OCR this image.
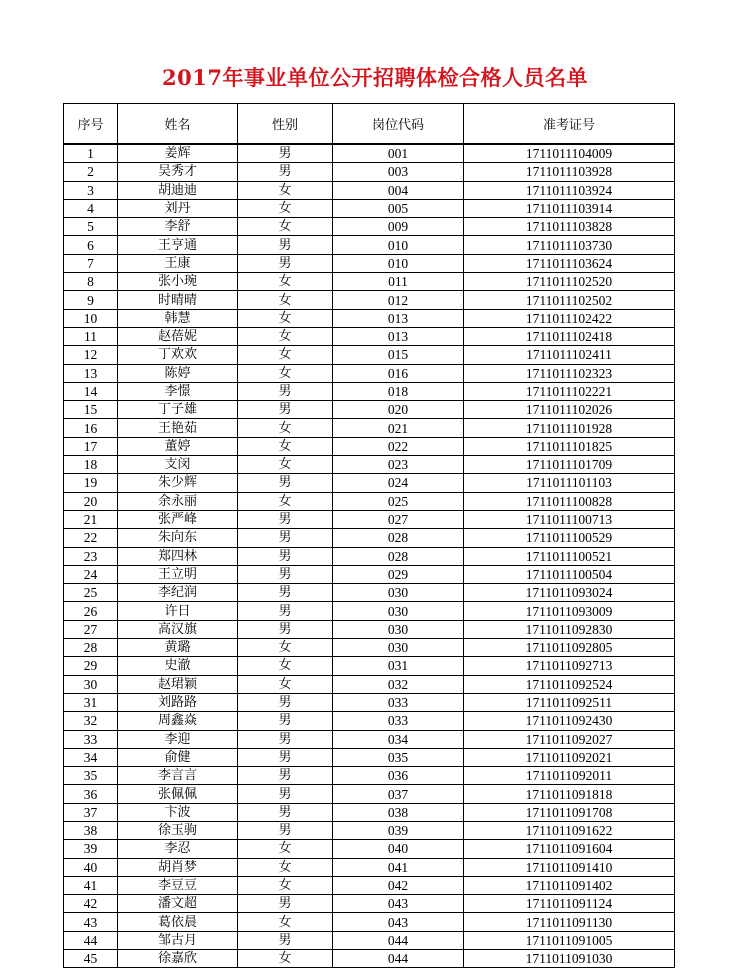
2017年事业单位公开招聘体检合格人员名单
序号	姓名	性别	岗位代码	准考证号
1	姜辉	男	001	1711011104009
2	吴秀才	男	003	1711011103928
3	胡迪迪	女	004	1711011103924
4	刘丹	女	005	1711011103914
5	李舒	女	009	1711011103828
6	王亨通	男	010	1711011103730
7	王康	男	010	1711011103624
8	张小琬	女	011	1711011102520
9	时晴晴	女	012	1711011102502
10	韩慧	女	013	1711011102422
11	赵蓓妮	女	013	1711011102418
12	丁欢欢	女	015	1711011102411
13	陈婷	女	016	1711011102323
14	李憬	男	018	1711011102221
15	丁子雄	男	020	1711011102026
16	王艳茹	女	021	1711011101928
17	董婷	女	022	1711011101825
18	支闵	女	023	1711011101709
19	朱少辉	男	024	1711011101103
20	余永丽	女	025	1711011100828
21	张严峰	男	027	1711011100713
22	朱向东	男	028	1711011100529
23	郑四林	男	028	1711011100521
24	王立明	男	029	1711011100504
25	李纪润	男	030	1711011093024
26	许日	男	030	1711011093009
27	高汉旗	男	030	1711011092830
28	黄璐	女	030	1711011092805
29	史澈	女	031	1711011092713
30	赵珺颖	女	032	1711011092524
31	刘路路	男	033	1711011092511
32	周鑫焱	男	033	1711011092430
33	李迎	男	034	1711011092027
34	俞健	男	035	1711011092021
35	李言言	男	036	1711011092011
36	张佩佩	男	037	1711011091818
37	卞波	男	038	1711011091708
38	徐玉驹	男	039	1711011091622
39	李忍	女	040	1711011091604
40	胡肖梦	女	041	1711011091410
41	李豆豆	女	042	1711011091402
42	潘文超	男	043	1711011091124
43	葛依晨	女	043	1711011091130
44	邹古月	男	044	1711011091005
45	徐嘉欣	女	044	1711011091030
